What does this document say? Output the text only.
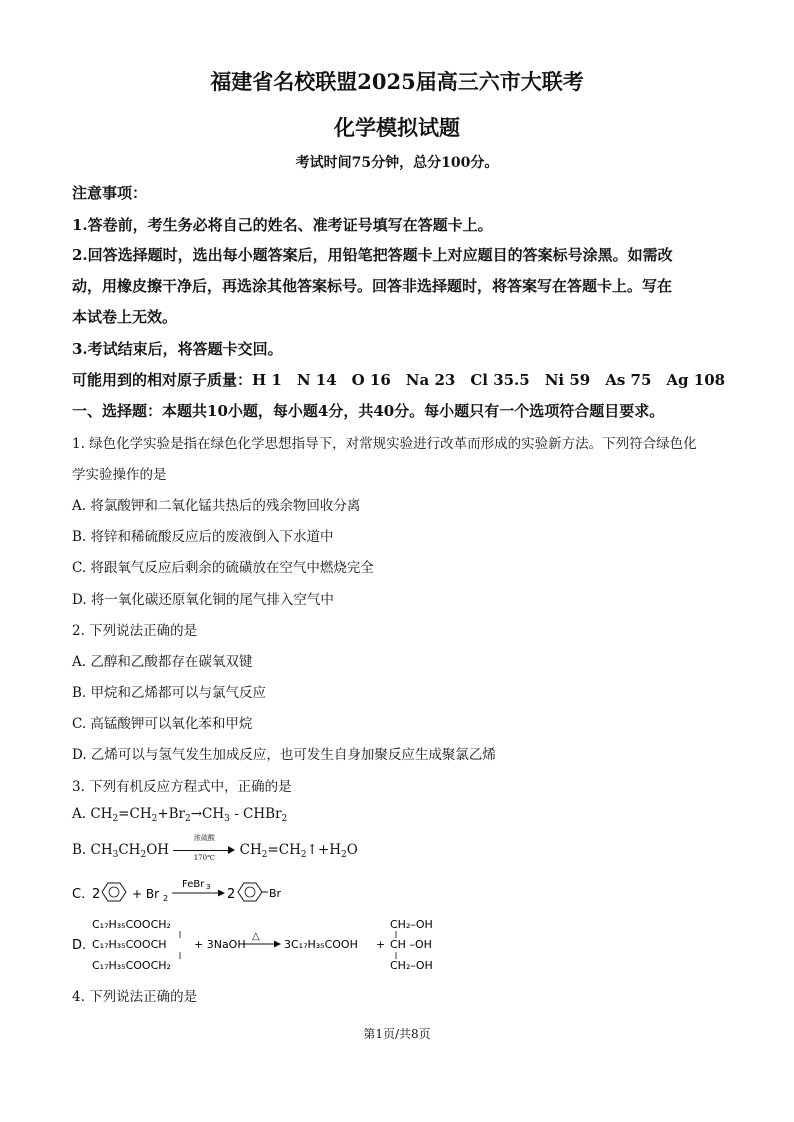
福建省名校联盟2025届高三六市大联考
化学模拟试题
考试时间75分钟，总分100分。
注意事项：
1.答卷前，考生务必将自己的姓名、准考证号填写在答题卡上。
2.回答选择题时，选出每小题答案后，用铅笔把答题卡上对应题目的答案标号涂黑。如需改
动，用橡皮擦干净后，再选涂其他答案标号。回答非选择题时，将答案写在答题卡上。写在
本试卷上无效。
3.考试结束后，将答题卡交回。
可能用到的相对原子质量：H 1　N 14　O 16　Na 23　Cl 35.5　Ni 59　As 75　Ag 108
一、选择题：本题共10小题，每小题4分，共40分。每小题只有一个选项符合题目要求。
1. 绿色化学实验是指在绿色化学思想指导下，对常规实验进行改革而形成的实验新方法。下列符合绿色化
学实验操作的是
A. 将氯酸钾和二氧化锰共热后的残余物回收分离
B. 将锌和稀硫酸反应后的废液倒入下水道中
C. 将跟氧气反应后剩余的硫磺放在空气中燃烧完全
D. 将一氧化碳还原氧化铜的尾气排入空气中
2. 下列说法正确的是
A. 乙醇和乙酸都存在碳氧双键
B. 甲烷和乙烯都可以与氯气反应
C. 高锰酸钾可以氧化苯和甲烷
D. 乙烯可以与氢气发生加成反应，也可发生自身加聚反应生成聚氯乙烯
3. 下列有机反应方程式中，正确的是
A. $CH_2=CH_2+Br_2\to CH_3$ - CHBr$_2$
B. $CH_3CH_2OH$
浓硫酸
170℃	$CH_2=CH_2↑+H_2O$
C. 2	+ Br 2
FeBr 3 2	Br
D.
C₁₇H₃₅COOCH₂
C₁₇H₃₅COOCH
C₁₇H₃₅COOCH₂
+ 3NaOH
△
3C₁₇H₃₅COOH +
CH₂–OH
CH –OH
CH₂–OH
4. 下列说法正确的是
第1页/共8页
